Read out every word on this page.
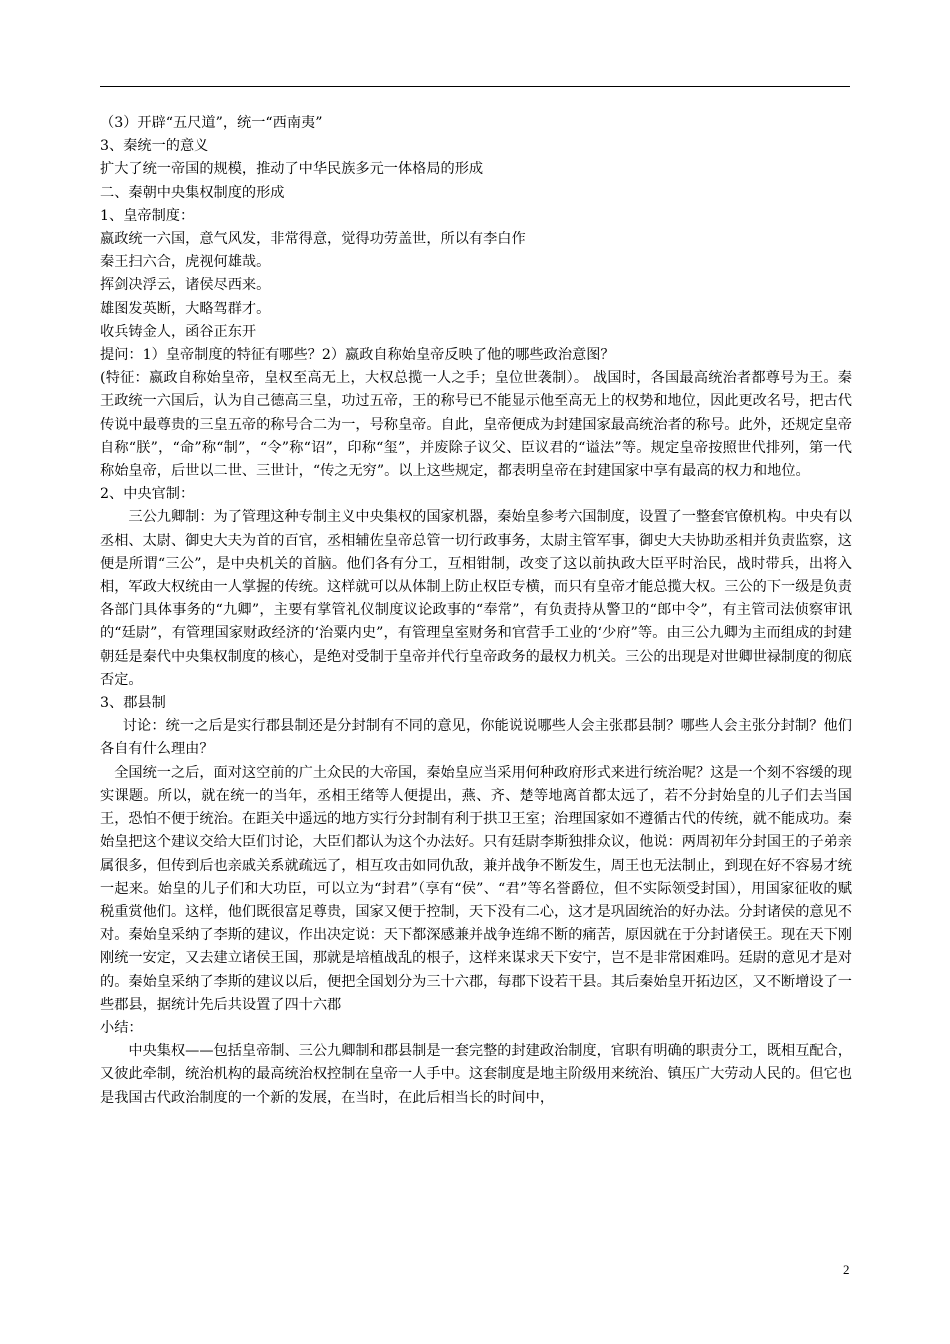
（3）开辟“五尺道”，统一“西南夷”

3、秦统一的意义

扩大了统一帝国的规模，推动了中华民族多元一体格局的形成

二、秦朝中央集权制度的形成

1、皇帝制度：

嬴政统一六国，意气风发，非常得意，觉得功劳盖世，所以有李白作

秦王扫六合，虎视何雄哉。

挥剑决浮云，诸侯尽西来。

雄图发英断，大略驾群才。

收兵铸金人，函谷正东开

提问：1）皇帝制度的特征有哪些？2）嬴政自称始皇帝反映了他的哪些政治意图？

(特征：嬴政自称始皇帝，皇权至高无上，大权总揽一人之手；皇位世袭制）。 战国时，各国最高统治者都尊号为王。秦王政统一六国后，认为自己德高三皇，功过五帝，王的称号已不能显示他至高无上的权势和地位，因此更改名号，把古代传说中最尊贵的三皇五帝的称号合二为一，号称皇帝。自此，皇帝便成为封建国家最高统治者的称号。此外，还规定皇帝自称“朕”，“命”称“制”，“令”称“诏”，印称“玺”，并废除子议父、臣议君的“谥法”等。规定皇帝按照世代排列，第一代称始皇帝，后世以二世、三世计，“传之无穷”。以上这些规定，都表明皇帝在封建国家中享有最高的权力和地位。

2、中央官制：

三公九卿制：为了管理这种专制主义中央集权的国家机器，秦始皇参考六国制度，设置了一整套官僚机构。中央有以丞相、太尉、御史大夫为首的百官，丞相辅佐皇帝总管一切行政事务，太尉主管军事，御史大夫协助丞相并负责监察，这便是所谓“三公”，是中央机关的首脑。他们各有分工，互相钳制，改变了这以前执政大臣平时治民，战时带兵，出将入相，军政大权统由一人掌握的传统。这样就可以从体制上防止权臣专横，而只有皇帝才能总揽大权。三公的下一级是负责各部门具体事务的“九卿”，主要有掌管礼仪制度议论政事的“奉常”，有负责持从警卫的“郎中令”，有主管司法侦察审讯的“廷尉”，有管理国家财政经济的‘治粟内史”，有管理皇室财务和官营手工业的‘少府”等。由三公九卿为主而组成的封建朝廷是秦代中央集权制度的核心，是绝对受制于皇帝并代行皇帝政务的最权力机关。三公的出现是对世卿世禄制度的彻底否定。

3、郡县制

讨论：统一之后是实行郡县制还是分封制有不同的意见，你能说说哪些人会主张郡县制？哪些人会主张分封制？他们各自有什么理由？

全国统一之后，面对这空前的广土众民的大帝国，秦始皇应当采用何种政府形式来进行统治呢？这是一个刻不容缓的现实课题。所以，就在统一的当年，丞相王绪等人便提出，燕、齐、楚等地离首都太远了，若不分封始皇的儿子们去当国王，恐怕不便于统治。在距关中遥远的地方实行分封制有利于拱卫王室；治理国家如不遵循古代的传统，就不能成功。秦始皇把这个建议交给大臣们讨论，大臣们都认为这个办法好。只有廷尉李斯独排众议，他说：两周初年分封国王的子弟亲属很多，但传到后也亲戚关系就疏远了，相互攻击如同仇敌，兼并战争不断发生，周王也无法制止，到现在好不容易才统一起来。始皇的儿子们和大功臣，可以立为“封君”（享有“侯”、“君”等名誉爵位，但不实际领受封国），用国家征收的赋税重赏他们。这样，他们既很富足尊贵，国家又便于控制，天下没有二心，这才是巩固统治的好办法。分封诸侯的意见不对。秦始皇采纳了李斯的建议，作出决定说：天下都深感兼并战争连绵不断的痛苦，原因就在于分封诸侯王。现在天下刚刚统一安定，又去建立诸侯王国，那就是培植战乱的根子，这样来谋求天下安宁，岂不是非常困难吗。廷尉的意见才是对的。秦始皇采纳了李斯的建议以后，便把全国划分为三十六郡，每郡下设若干县。其后秦始皇开拓边区，又不断增设了一些郡县，据统计先后共设置了四十六郡

小结：

中央集权——包括皇帝制、三公九卿制和郡县制是一套完整的封建政治制度，官职有明确的职责分工，既相互配合，又彼此牵制，统治机构的最高统治权控制在皇帝一人手中。这套制度是地主阶级用来统治、镇压广大劳动人民的。但它也是我国古代政治制度的一个新的发展，在当时，在此后相当长的时间中，

2
